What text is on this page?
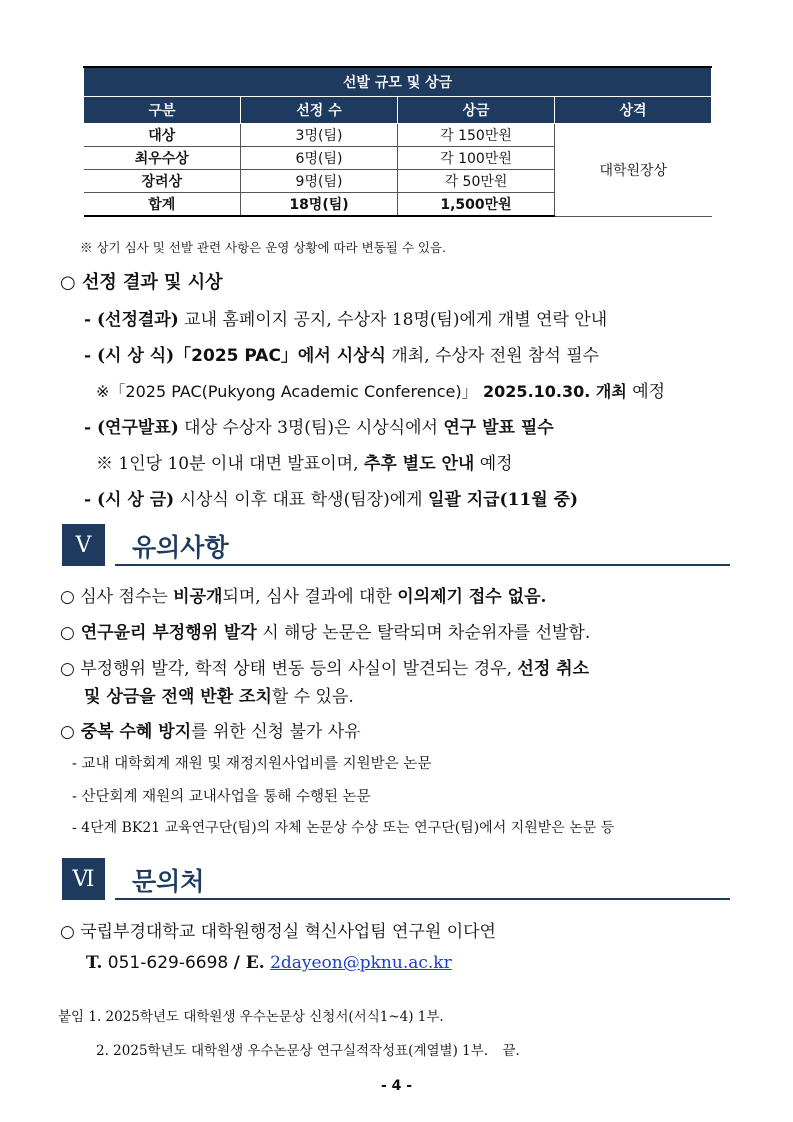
선발 규모 및 상금			
구분	선정 수	상금	상격
대상	3명(팀)	각 150만원	대학원장상
최우수상	6명(팀)	각 100만원	
장려상	9명(팀)	각 50만원	
합계	18명(팀)	1,500만원	
※ 상기 심사 및 선발 관련 사항은 운영 상황에 따라 변동될 수 있음.
○ 선정 결과 및 시상
- (선정결과) 교내 홈페이지 공지, 수상자 18명(팀)에게 개별 연락 안내
- (시 상 식)「2025 PAC」에서 시상식 개최, 수상자 전원 참석 필수
※「2025 PAC(Pukyong Academic Conference)」 2025.10.30. 개최 예정
- (연구발표) 대상 수상자 3명(팀)은 시상식에서 연구 발표 필수
※ 1인당 10분 이내 대면 발표이며, 추후 별도 안내 예정
- (시 상 금) 시상식 이후 대표 학생(팀장)에게 일괄 지급(11월 중)
Ⅴ	유의사항
○ 심사 점수는 비공개되며, 심사 결과에 대한 이의제기 접수 없음.
○ 연구윤리 부정행위 발각 시 해당 논문은 탈락되며 차순위자를 선발함.
○ 부정행위 발각, 학적 상태 변동 등의 사실이 발견되는 경우, 선정 취소
및 상금을 전액 반환 조치할 수 있음.
○ 중복 수혜 방지를 위한 신청 불가 사유
- 교내 대학회계 재원 및 재정지원사업비를 지원받은 논문
- 산단회계 재원의 교내사업을 통해 수행된 논문
- 4단계 BK21 교육연구단(팀)의 자체 논문상 수상 또는 연구단(팀)에서 지원받은 논문 등
Ⅵ	문의처
○ 국립부경대학교 대학원행정실 혁신사업팀 연구원 이다연
T. 051-629-6698 / E. 2dayeon@pknu.ac.kr
붙임 1. 2025학년도 대학원생 우수논문상 신청서(서식1~4) 1부.
2. 2025학년도 대학원생 우수논문상 연구실적작성표(계열별) 1부. 끝.
- 4 -
